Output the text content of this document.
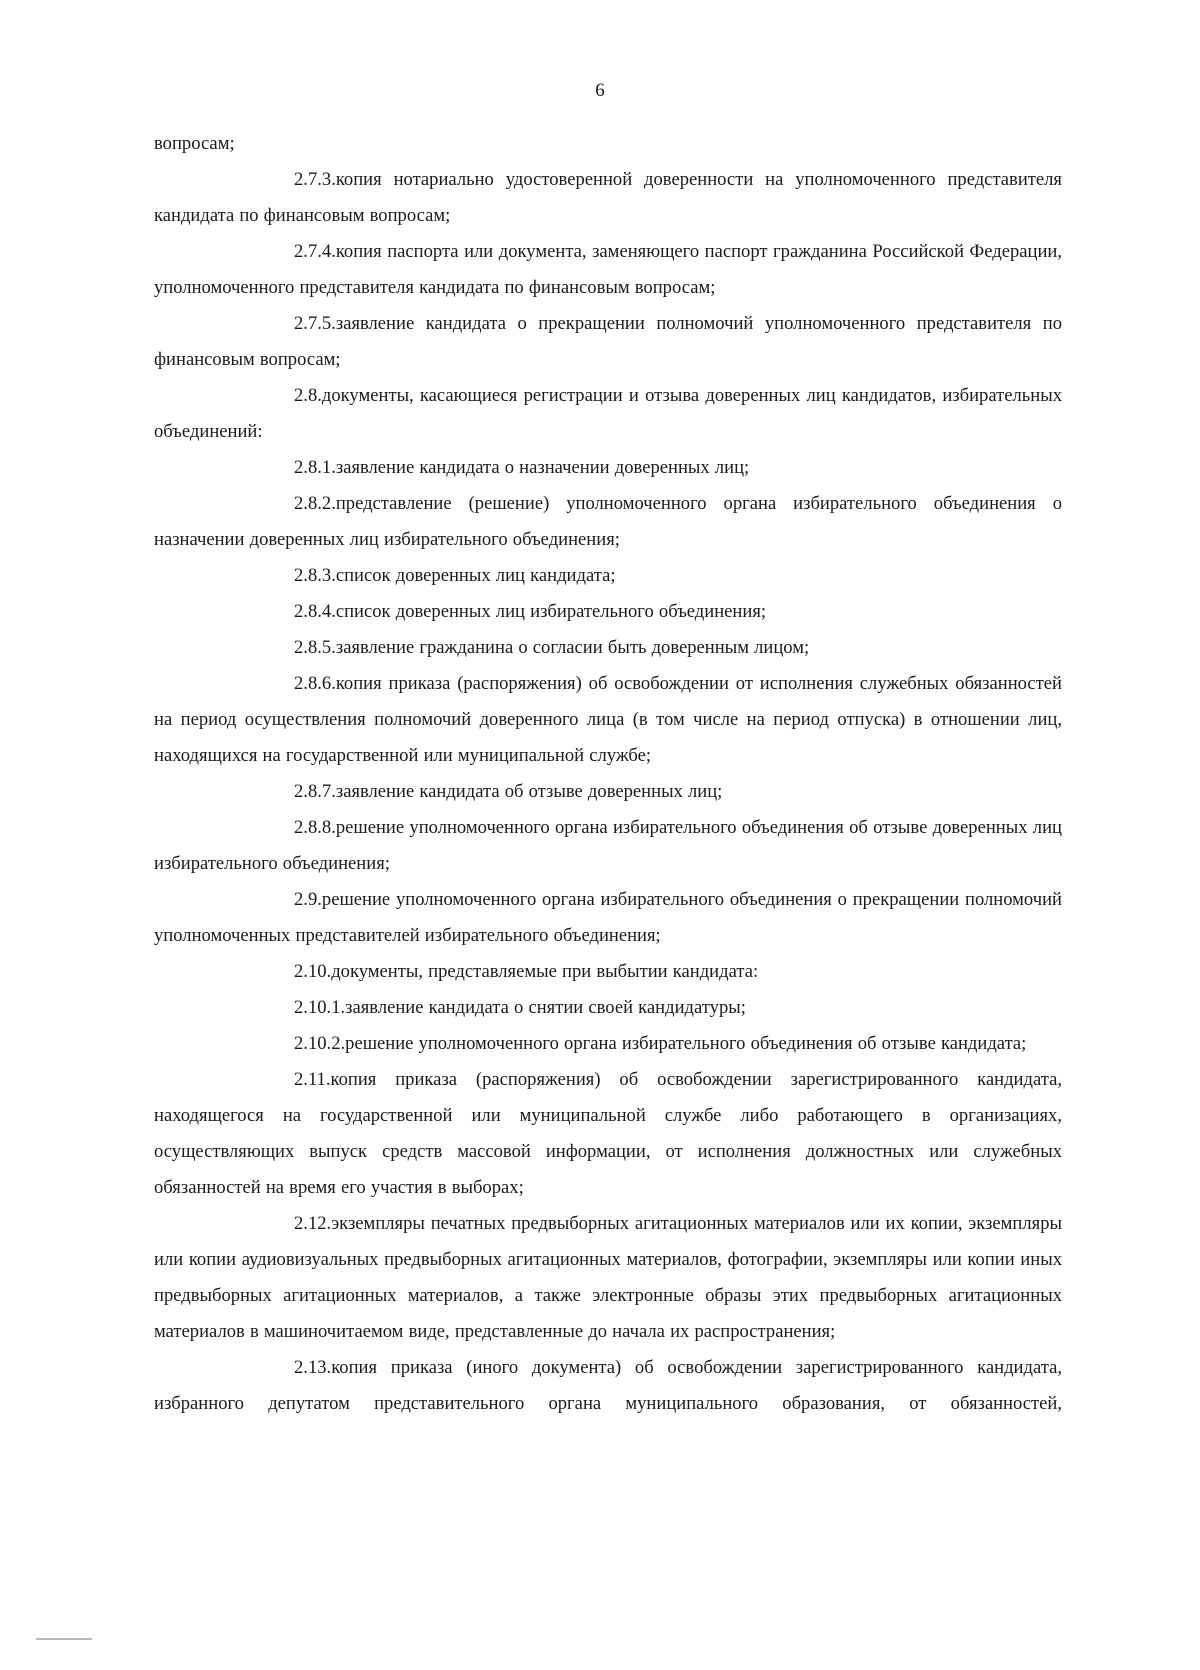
6

вопросам;

2.7.3.копия нотариально удостоверенной доверенности на уполномоченного представителя кандидата по финансовым вопросам;

2.7.4.копия паспорта или документа, заменяющего паспорт гражданина Российской Федерации, уполномоченного представителя кандидата по финансовым вопросам;

2.7.5.заявление кандидата о прекращении полномочий уполномоченного представителя по финансовым вопросам;

2.8.документы, касающиеся регистрации и отзыва доверенных лиц кандидатов, избирательных объединений:

2.8.1.заявление кандидата о назначении доверенных лиц;

2.8.2.представление (решение) уполномоченного органа избирательного объединения о назначении доверенных лиц избирательного объединения;

2.8.3.список доверенных лиц кандидата;

2.8.4.список доверенных лиц избирательного объединения;

2.8.5.заявление гражданина о согласии быть доверенным лицом;

2.8.6.копия приказа (распоряжения) об освобождении от исполнения служебных обязанностей на период осуществления полномочий доверенного лица (в том числе на период отпуска) в отношении лиц, находящихся на государственной или муниципальной службе;

2.8.7.заявление кандидата об отзыве доверенных лиц;

2.8.8.решение уполномоченного органа избирательного объединения об отзыве доверенных лиц избирательного объединения;

2.9.решение уполномоченного органа избирательного объединения о прекращении полномочий уполномоченных представителей избирательного объединения;

2.10.документы, представляемые при выбытии кандидата:

2.10.1.заявление кандидата о снятии своей кандидатуры;

2.10.2.решение уполномоченного органа избирательного объединения об отзыве кандидата;

2.11.копия приказа (распоряжения) об освобождении зарегистрированного кандидата, находящегося на государственной или муниципальной службе либо работающего в организациях, осуществляющих выпуск средств массовой информации, от исполнения должностных или служебных обязанностей на время его участия в выборах;

2.12.экземпляры печатных предвыборных агитационных материалов или их копии, экземпляры или копии аудиовизуальных предвыборных агитационных материалов, фотографии, экземпляры или копии иных предвыборных агитационных материалов, а также электронные образы этих предвыборных агитационных материалов в машиночитаемом виде, представленные до начала их распространения;

2.13.копия приказа (иного документа) об освобождении зарегистрированного кандидата, избранного депутатом представительного органа муниципального образования, от обязанностей,
